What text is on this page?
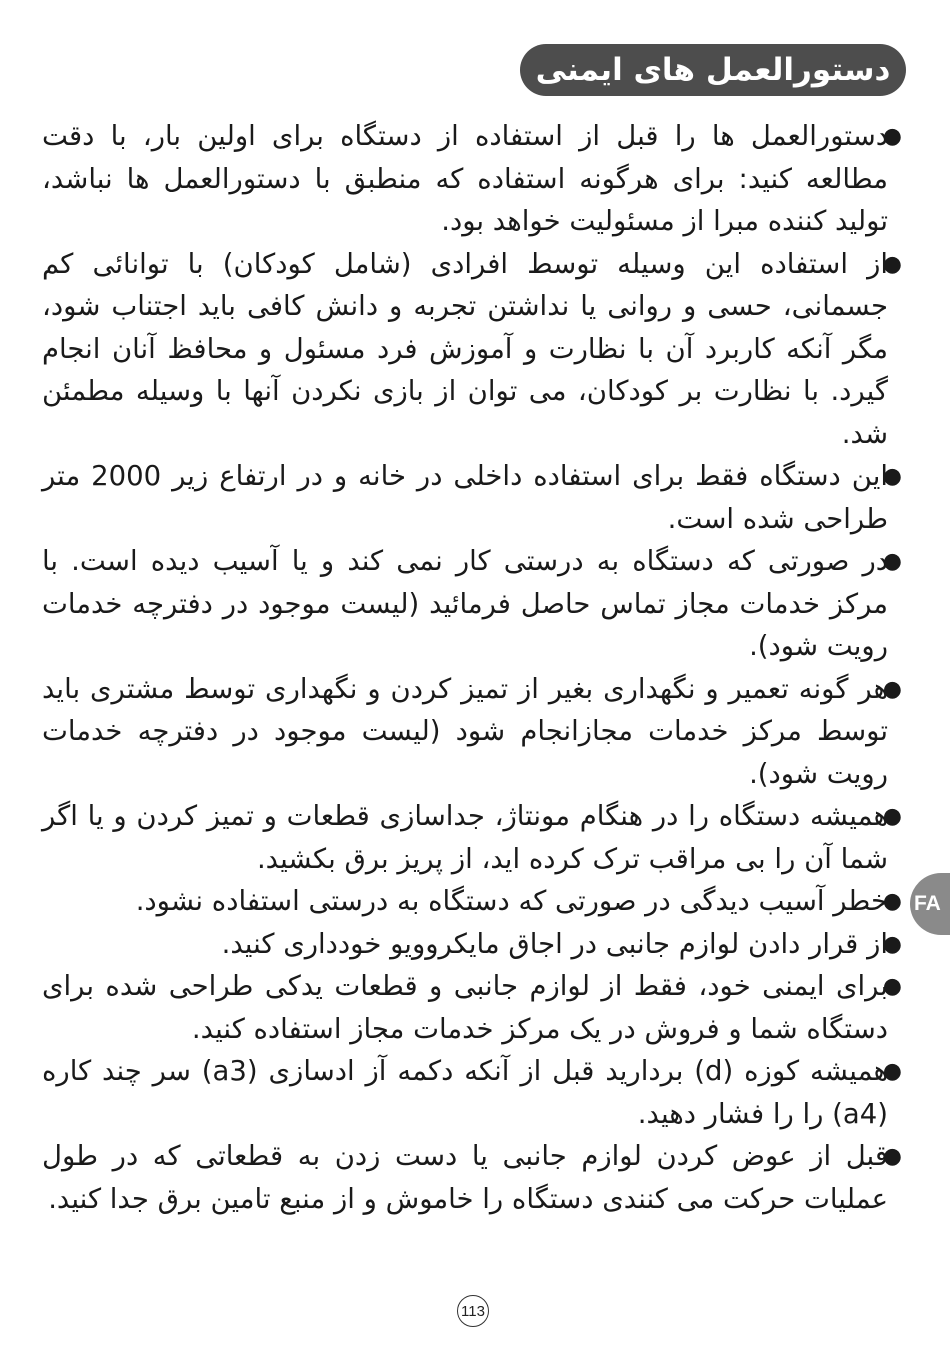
دستورالعمل های ایمنی

●
دستورالعمل ها را قبل از استفاده از دستگاه برای اولین بار، با دقت مطالعه کنید: برای هرگونه استفاده که منطبق با دستورالعمل ها نباشد، تولید کننده مبرا از مسئولیت خواهد بود.

●
از استفاده این وسیله توسط افرادی (شامل کودکان) با توانائی کم جسمانی، حسی و روانی یا نداشتن تجربه و دانش کافی باید اجتناب شود، مگر آنکه کاربرد آن با نظارت و آموزش فرد مسئول و محافظ آنان انجام گیرد. با نظارت بر کودکان، می توان از بازی نکردن آنها با وسیله مطمئن شد.

●
این دستگاه فقط برای استفاده داخلی در خانه و در ارتفاع زیر 2000 متر طراحی شده است.

●
در صورتی که دستگاه به درستی کار نمی کند و یا آسیب دیده است. با مرکز خدمات مجاز تماس حاصل فرمائید (لیست موجود در دفترچه خدمات رویت شود).

●
هر گونه تعمیر و نگهداری بغیر از تمیز کردن و نگهداری توسط مشتری باید توسط مرکز خدمات مجازانجام شود (لیست موجود در دفترچه خدمات رویت شود).

●
همیشه دستگاه را در هنگام مونتاژ، جداسازی قطعات و تمیز کردن و یا اگر شما آن را بی مراقب ترک کرده اید، از پریز برق بکشید.

●
خطر آسیب دیدگی در صورتی که دستگاه به درستی استفاده نشود.

●
از قرار دادن لوازم جانبی در اجاق مایکروویو خودداری کنید.

●
برای ایمنی خود، فقط از لوازم جانبی و قطعات یدکی طراحی شده برای دستگاه شما و فروش در یک مرکز خدمات مجاز استفاده کنید.

●
همیشه کوزه (d) بردارید قبل از آنکه دکمه آز ادسازی (a3) سر چند کاره (a4) را را فشار دهید.

●
قبل از عوض کردن لوازم جانبی یا دست زدن به قطعاتی که در طول عملیات حرکت می کنندی دستگاه را خاموش و از منبع تامین برق جدا کنید.

FA
113
